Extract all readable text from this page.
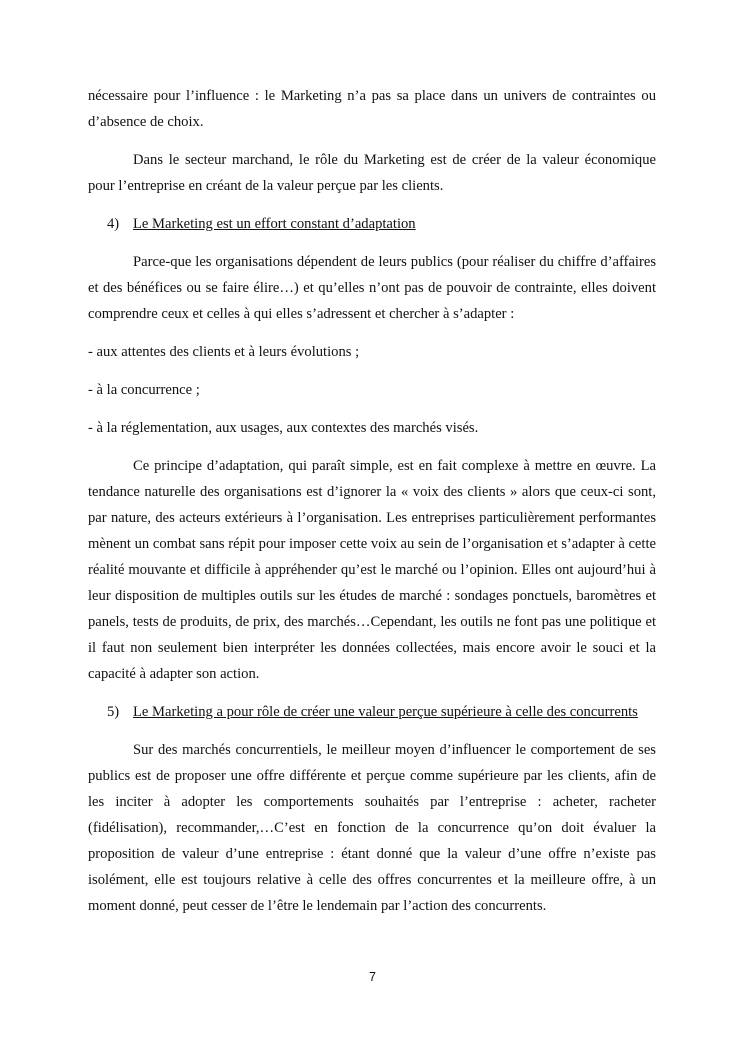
nécessaire pour l’influence : le Marketing n’a pas sa place dans un univers de contraintes ou d’absence de choix.

Dans le secteur marchand, le rôle du Marketing est de créer de la valeur économique pour l’entreprise en créant de la valeur perçue par les clients.

4) Le Marketing est un effort constant d’adaptation

Parce-que les organisations dépendent de leurs publics (pour réaliser du chiffre d’affaires et des bénéfices ou se faire élire…) et qu’elles n’ont pas de pouvoir de contrainte, elles doivent comprendre ceux et celles à qui elles s’adressent et chercher à s’adapter :

- aux attentes des clients et à leurs évolutions ;

- à la concurrence ;

- à la réglementation, aux usages, aux contextes des marchés visés.

Ce principe d’adaptation, qui paraît simple, est en fait complexe à mettre en œuvre. La tendance naturelle des organisations est d’ignorer la « voix des clients » alors que ceux-ci sont, par nature, des acteurs extérieurs à l’organisation. Les entreprises particulièrement performantes mènent un combat sans répit pour imposer cette voix au sein de l’organisation et s’adapter à cette réalité mouvante et difficile à appréhender qu’est le marché ou l’opinion. Elles ont aujourd’hui à leur disposition de multiples outils sur les études de marché : sondages ponctuels, baromètres et panels, tests de produits, de prix, des marchés…Cependant, les outils ne font pas une politique et il faut non seulement bien interpréter les données collectées, mais encore avoir le souci et la capacité à adapter son action.

5) Le Marketing a pour rôle de créer une valeur perçue supérieure à celle des concurrents

Sur des marchés concurrentiels, le meilleur moyen d’influencer le comportement de ses publics est de proposer une offre différente et perçue comme supérieure par les clients, afin de les inciter à adopter les comportements souhaités par l’entreprise : acheter, racheter (fidélisation), recommander,…C’est en fonction de la concurrence qu’on doit évaluer la proposition de valeur d’une entreprise : étant donné que la valeur d’une offre n’existe pas isolément, elle est toujours relative à celle des offres concurrentes et la meilleure offre, à un moment donné, peut cesser de l’être le lendemain par l’action des concurrents.

7
